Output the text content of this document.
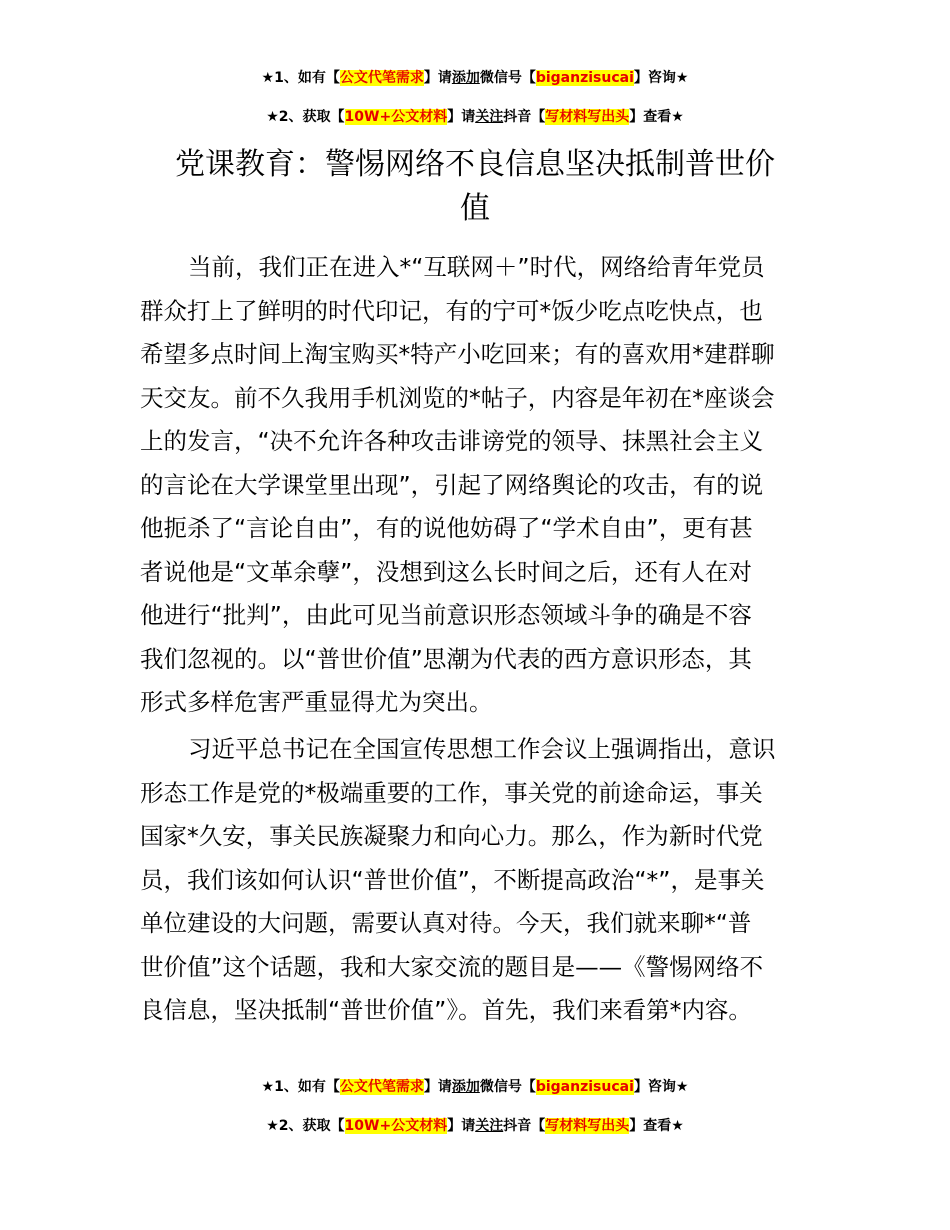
★1、如有【公文代笔需求】请添加微信号【biganzisucai】咨询★
★2、获取【10W+公文材料】请关注抖音【写材料写出头】查看★
党课教育：警惕网络不良信息坚决抵制普世价
值
当前，我们正在进入*“互联网＋”时代，网络给青年党员
群众打上了鲜明的时代印记，有的宁可*饭少吃点吃快点，也
希望多点时间上淘宝购买*特产小吃回来；有的喜欢用*建群聊
天交友。前不久我用手机浏览的*帖子，内容是年初在*座谈会
上的发言，“决不允许各种攻击诽谤党的领导、抹黑社会主义
的言论在大学课堂里出现”，引起了网络舆论的攻击，有的说
他扼杀了“言论自由”，有的说他妨碍了“学术自由”，更有甚
者说他是“文革余孽”，没想到这么长时间之后，还有人在对
他进行“批判”，由此可见当前意识形态领域斗争的确是不容
我们忽视的。以“普世价值”思潮为代表的西方意识形态，其
形式多样危害严重显得尤为突出。
习近平总书记在全国宣传思想工作会议上强调指出，意识
形态工作是党的*极端重要的工作，事关党的前途命运，事关
国家*久安，事关民族凝聚力和向心力。那么，作为新时代党
员，我们该如何认识“普世价值”，不断提高政治“*”，是事关
单位建设的大问题，需要认真对待。今天，我们就来聊*“普
世价值”这个话题，我和大家交流的题目是——《警惕网络不
良信息，坚决抵制“普世价值”》。首先，我们来看第*内容。
★1、如有【公文代笔需求】请添加微信号【biganzisucai】咨询★
★2、获取【10W+公文材料】请关注抖音【写材料写出头】查看★
